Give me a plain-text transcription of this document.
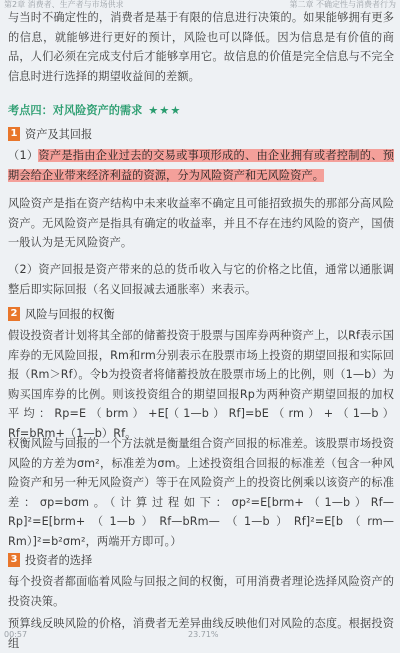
第2章 消费者、生产者与市场供求	第二章 不确定性与消费者行为

与当时不确定性的，消费者是基于有限的信息进行决策的。如果能够拥有更多的信息，就能够进行更好的预计，风险也可以降低。因为信息是有价值的商品，人们必须在完成支付后才能够享用它。故信息的价值是完全信息与不完全信息时进行选择的期望收益间的差额。

考点四：对风险资产的需求 ★★★
1 资产及其回报

（1）资产是指由企业过去的交易或事项形成的、由企业拥有或者控制的、预期会给企业带来经济利益的资源，分为风险资产和无风险资产。

风险资产是指在资产结构中未来收益率不确定且可能招致损失的那部分高风险资产。无风险资产是指具有确定的收益率，并且不存在违约风险的资产，国债一般认为是无风险资产。

（2）资产回报是资产带来的总的货币收入与它的价格之比值，通常以通胀调整后即实际回报（名义回报减去通胀率）来表示。

2 风险与回报的权衡

假设投资者计划将其全部的储蓄投资于股票与国库券两种资产上，以Rf表示国库券的无风险回报，Rm和rm分别表示在股票市场上投资的期望回报和实际回报（Rm＞Rf）。令b为投资者将储蓄投放在股票市场上的比例，则（1—b）为购买国库券的比例。则该投资组合的期望回报Rp为两种资产期望回报的加权平均：Rp=E（brm）+E[（1—b）Rf]=bE（rm）+（1—b）Rf=bRm+（1—b）Rf。

权衡风险与回报的一个方法就是衡量组合资产回报的标准差。该股票市场投资风险的方差为σm²，标准差为σm。上述投资组合回报的标准差（包含一种风险资产和另一种无风险资产）等于在风险资产上的投资比例乘以该资产的标准差：σp=bσm。（计算过程如下：σp²=E[brm+（1—b）Rf—Rp]²=E[brm+（1—b）Rf—bRm—（1—b）Rf]²=E[b（rm—Rm）]²=b²σm²，两端开方即可。）

3 投资者的选择

每个投资者都面临着风险与回报之间的权衡，可用消费者理论选择风险资产的投资决策。

预算线反映风险的价格，消费者无差异曲线反映他们对风险的态度。根据投资组

00:57	23.71%
